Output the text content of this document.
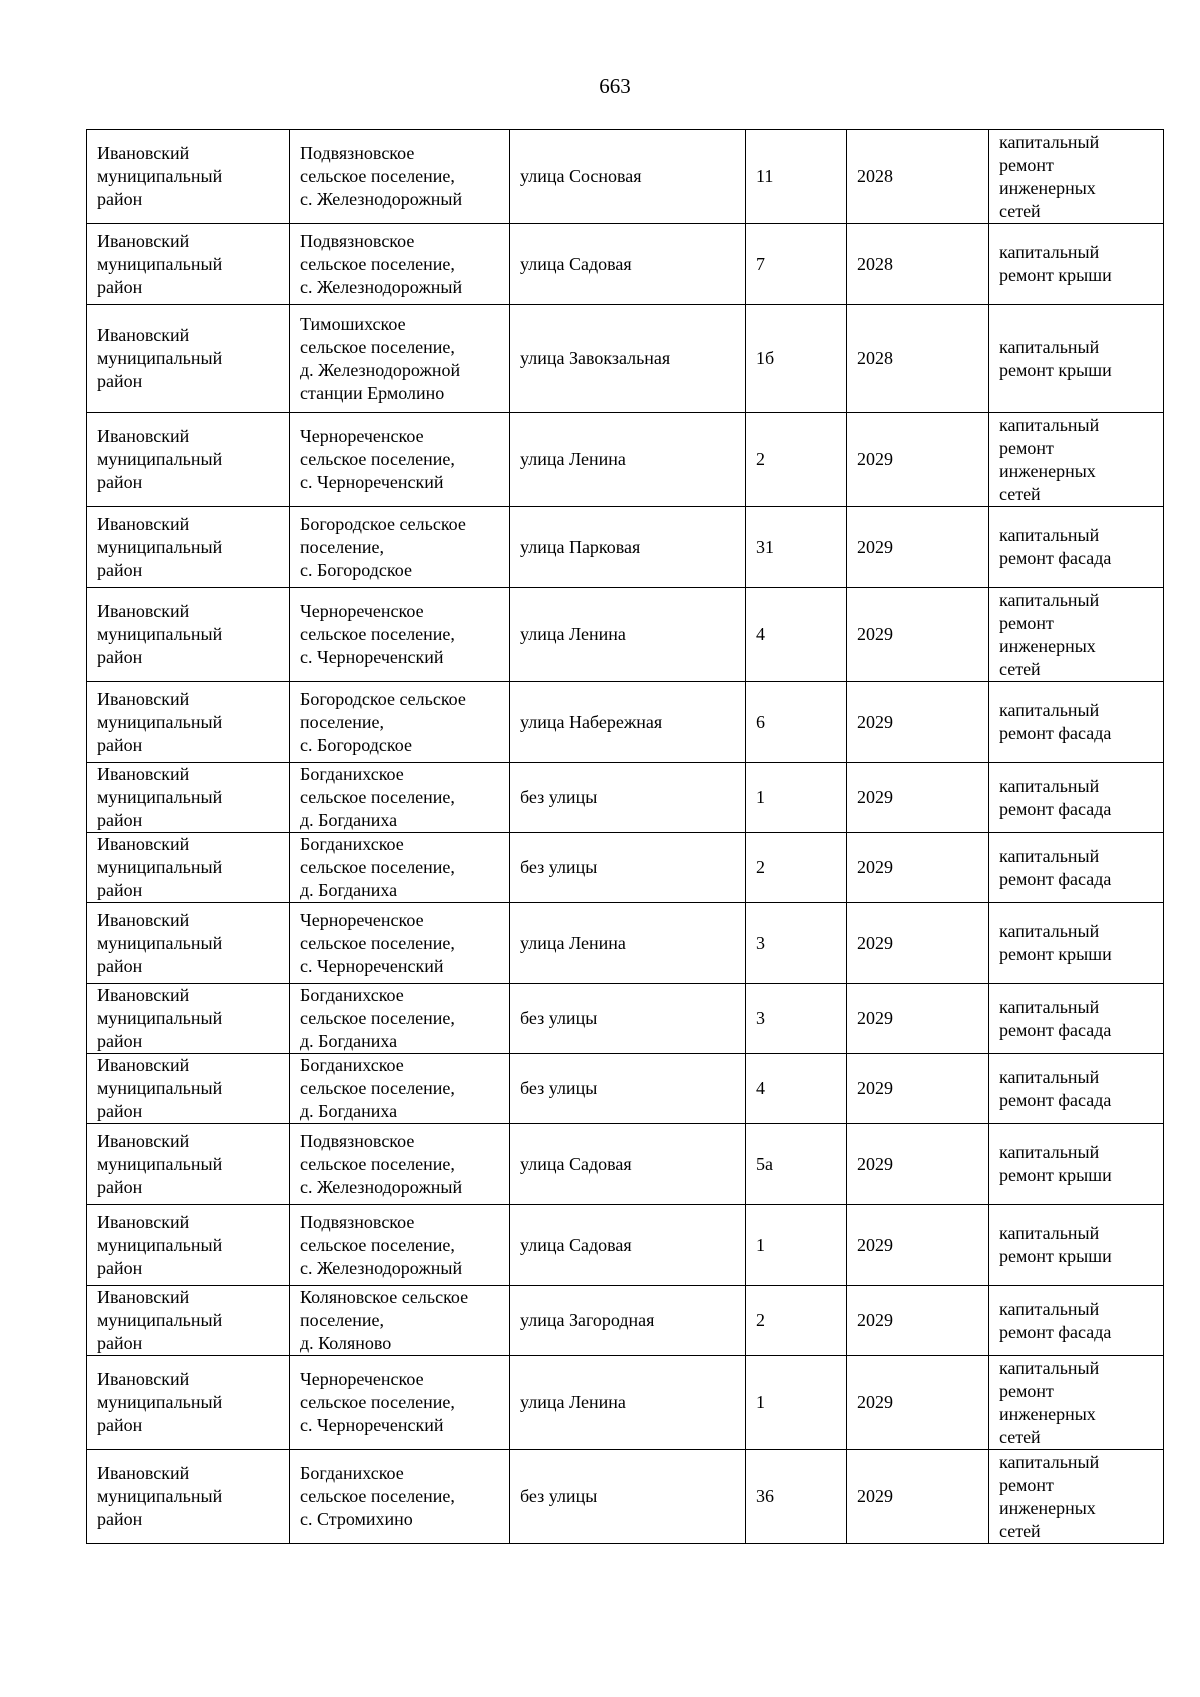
663
Ивановский
муниципальный
район	Подвязновское
сельское поселение,
с. Железнодорожный	улица Сосновая	11	2028	капитальный
ремонт
инженерных
сетей
Ивановский
муниципальный
район	Подвязновское
сельское поселение,
с. Железнодорожный	улица Садовая	7	2028	капитальный
ремонт крыши
Ивановский
муниципальный
район	Тимошихское
сельское поселение,
д. Железнодорожной
станции Ермолино	улица Завокзальная	1б	2028	капитальный
ремонт крыши
Ивановский
муниципальный
район	Чернореченское
сельское поселение,
с. Чернореченский	улица Ленина	2	2029	капитальный
ремонт
инженерных
сетей
Ивановский
муниципальный
район	Богородское сельское
поселение,
с. Богородское	улица Парковая	31	2029	капитальный
ремонт фасада
Ивановский
муниципальный
район	Чернореченское
сельское поселение,
с. Чернореченский	улица Ленина	4	2029	капитальный
ремонт
инженерных
сетей
Ивановский
муниципальный
район	Богородское сельское
поселение,
с. Богородское	улица Набережная	6	2029	капитальный
ремонт фасада
Ивановский
муниципальный
район	Богданихское
сельское поселение,
д. Богданиха	без улицы	1	2029	капитальный
ремонт фасада
Ивановский
муниципальный
район	Богданихское
сельское поселение,
д. Богданиха	без улицы	2	2029	капитальный
ремонт фасада
Ивановский
муниципальный
район	Чернореченское
сельское поселение,
с. Чернореченский	улица Ленина	3	2029	капитальный
ремонт крыши
Ивановский
муниципальный
район	Богданихское
сельское поселение,
д. Богданиха	без улицы	3	2029	капитальный
ремонт фасада
Ивановский
муниципальный
район	Богданихское
сельское поселение,
д. Богданиха	без улицы	4	2029	капитальный
ремонт фасада
Ивановский
муниципальный
район	Подвязновское
сельское поселение,
с. Железнодорожный	улица Садовая	5а	2029	капитальный
ремонт крыши
Ивановский
муниципальный
район	Подвязновское
сельское поселение,
с. Железнодорожный	улица Садовая	1	2029	капитальный
ремонт крыши
Ивановский
муниципальный
район	Коляновское сельское
поселение,
д. Коляново	улица Загородная	2	2029	капитальный
ремонт фасада
Ивановский
муниципальный
район	Чернореченское
сельское поселение,
с. Чернореченский	улица Ленина	1	2029	капитальный
ремонт
инженерных
сетей
Ивановский
муниципальный
район	Богданихское
сельское поселение,
с. Стромихино	без улицы	36	2029	капитальный
ремонт
инженерных
сетей
